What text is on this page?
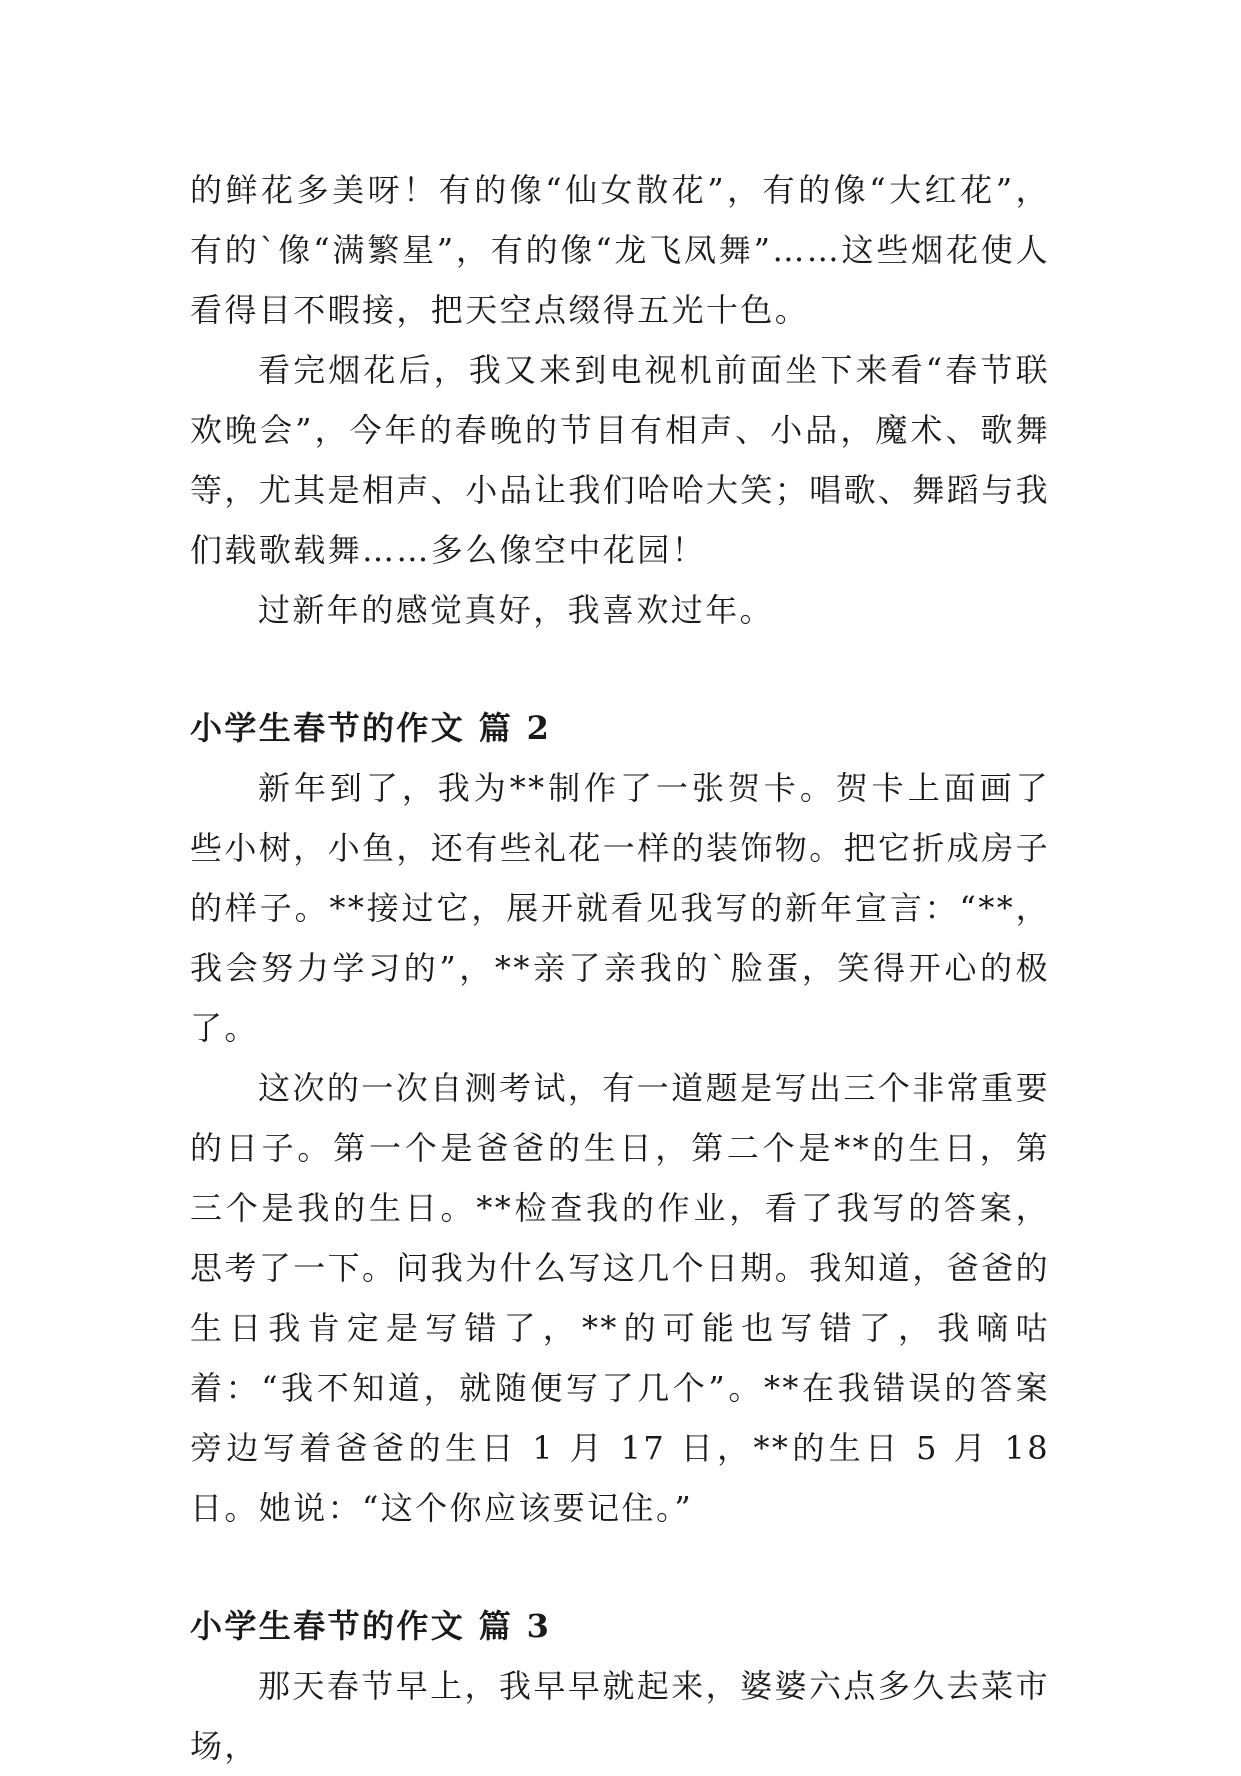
的鲜花多美呀！有的像“仙女散花”，有的像“大红花”，有的`像“满繁星”，有的像“龙飞凤舞”……这些烟花使人看得目不暇接，把天空点缀得五光十色。

看完烟花后，我又来到电视机前面坐下来看“春节联欢晚会”，今年的春晚的节目有相声、小品，魔术、歌舞等，尤其是相声、小品让我们哈哈大笑；唱歌、舞蹈与我们载歌载舞……多么像空中花园！

过新年的感觉真好，我喜欢过年。

小学生春节的作文 篇 2

新年到了，我为**制作了一张贺卡。贺卡上面画了些小树，小鱼，还有些礼花一样的装饰物。把它折成房子的样子。**接过它，展开就看见我写的新年宣言：“**，我会努力学习的”，**亲了亲我的`脸蛋，笑得开心的极了。

这次的一次自测考试，有一道题是写出三个非常重要的日子。第一个是爸爸的生日，第二个是**的生日，第三个是我的生日。**检查我的作业，看了我写的答案，思考了一下。问我为什么写这几个日期。我知道，爸爸的生日我肯定是写错了，**的可能也写错了，我嘀咕着：“我不知道，就随便写了几个”。**在我错误的答案旁边写着爸爸的生日 1 月 17 日，**的生日 5 月 18 日。她说：“这个你应该要记住。”

小学生春节的作文 篇 3

那天春节早上，我早早就起来，婆婆六点多久去菜市场，
